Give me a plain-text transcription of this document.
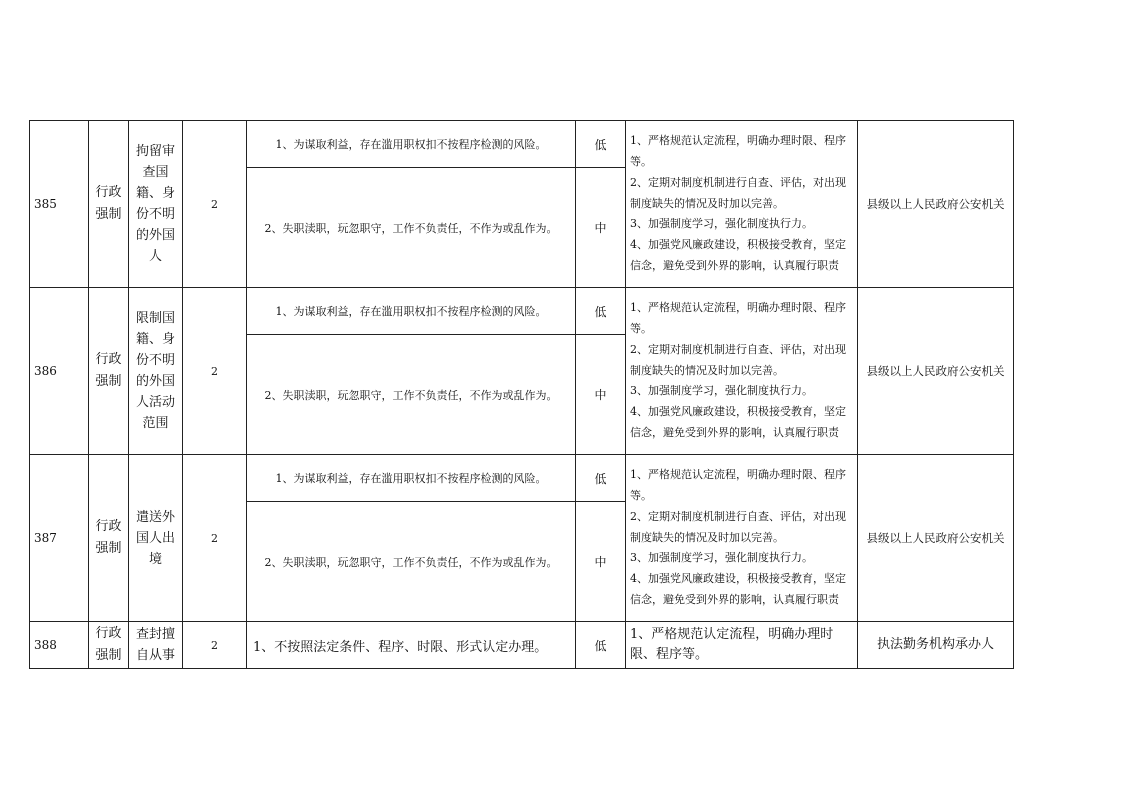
385	行政强制	拘留审查国籍、身份不明的外国人	2	1、为谋取利益，存在滥用职权扣不按程序检测的风险。	低	1、严格规范认定流程，明确办理时限、程序等。
2、定期对制度机制进行自查、评估，对出现制度缺失的情况及时加以完善。
3、加强制度学习，强化制度执行力。
4、加强党风廉政建设，积极接受教育，坚定信念，避免受到外界的影响，认真履行职责	县级以上人民政府公安机关
				2、失职渎职，玩忽职守，工作不负责任，不作为或乱作为。	中		
386	行政强制	限制国籍、身份不明的外国人活动范围	2	1、为谋取利益，存在滥用职权扣不按程序检测的风险。	低	1、严格规范认定流程，明确办理时限、程序等。
2、定期对制度机制进行自查、评估，对出现制度缺失的情况及时加以完善。
3、加强制度学习，强化制度执行力。
4、加强党风廉政建设，积极接受教育，坚定信念，避免受到外界的影响，认真履行职责	县级以上人民政府公安机关
				2、失职渎职，玩忽职守，工作不负责任，不作为或乱作为。	中		
387	行政强制	遣送外国人出境	2	1、为谋取利益，存在滥用职权扣不按程序检测的风险。	低	1、严格规范认定流程，明确办理时限、程序等。
2、定期对制度机制进行自查、评估，对出现制度缺失的情况及时加以完善。
3、加强制度学习，强化制度执行力。
4、加强党风廉政建设，积极接受教育，坚定信念，避免受到外界的影响，认真履行职责	县级以上人民政府公安机关
				2、失职渎职，玩忽职守，工作不负责任，不作为或乱作为。	中		
388	行政强制	查封擅自从事	2	1、不按照法定条件、程序、时限、形式认定办理。	低	1、严格规范认定流程，明确办理时限、程序等。	执法勤务机构承办人
